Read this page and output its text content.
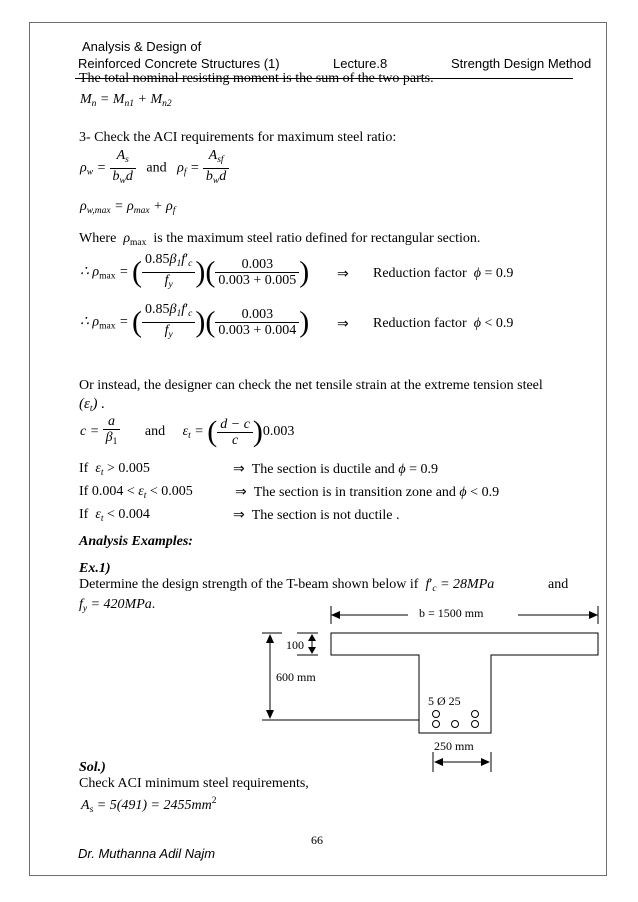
Analysis & Design of
Reinforced Concrete Structures (1)	Lecture.8	Strength Design Method
The total nominal resisting moment is the sum of the two parts.
$M_n = M_{n1} + M_{n2}$
3- Check the ACI requirements for maximum steel ratio:
$\rho_w = \frac{A_s}{b_wd}$ and   $\rho_f = \frac{A_{sf}}{b_wd}$
$\rho_{w,max} = \rho_{max} + \rho_f$
Where  $\rho_{max}$ is the maximum steel ratio defined for rectangular section.
∴ $\rho_{max}$ = ( $\frac{0.85\beta_1f'_c}{f_y}$ )( $\frac{0.003}{0.003 + 0.005}$ ) ⇒ Reduction factor ϕ = 0.9
∴ $\rho_{max}$ = ( $\frac{0.85\beta_1f'_c}{f_y}$ )( $\frac{0.003}{0.003 + 0.004}$ ) ⇒ Reduction factor ϕ < 0.9
Or instead, the designer can check the net tensile strain at the extreme tension steel
$(\varepsilon_t)$ .
$c = \frac{a}{\beta_1}$ and     $\varepsilon_t$ = ( $\frac{d - c}{c} )0.003$
If  $\varepsilon_t > 0.005$	⇒  The section is ductile and ϕ = 0.9
If $0.004 < \varepsilon_t < 0.005$	⇒  The section is in transition zone and ϕ < 0.9
If  $\varepsilon_t < 0.004$	⇒  The section is not ductile .
Analysis Examples:
Ex.1)
Determine the design strength of the T-beam shown below if $f'_c = 28MPa$	and
$f_y = 420MPa$.
b = 1500 mm
100
600 mm
5 Ø 25
250 mm
Sol.)
Check ACI minimum steel requirements,
$A_s = 5(491) = 2455mm^2$
66
Dr. Muthanna Adil Najm
